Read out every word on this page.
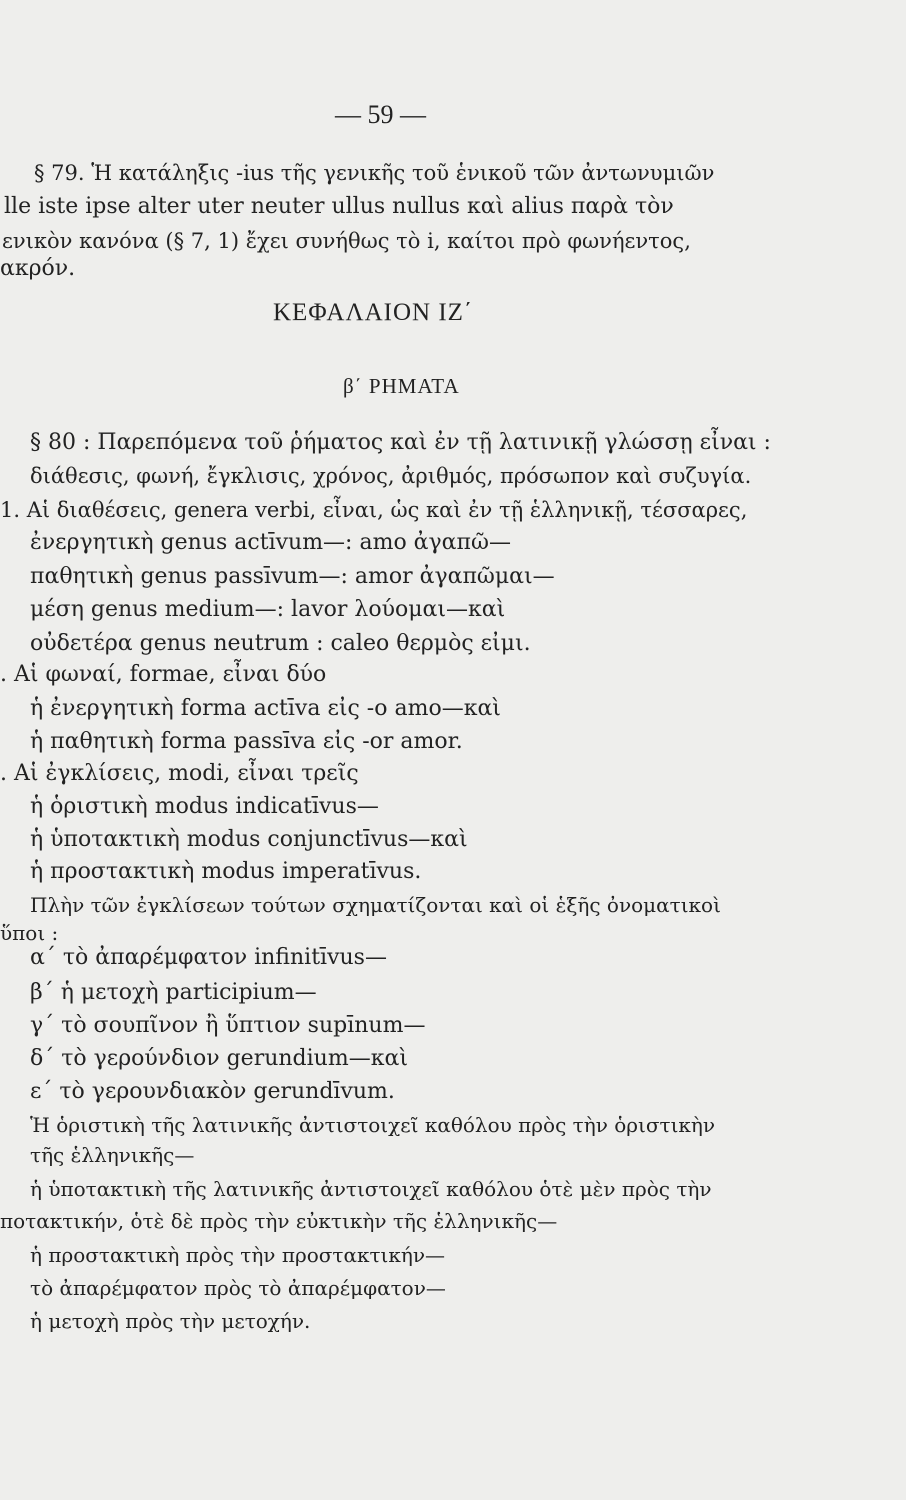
— 59 —
§ 79. Ἡ κατάληξις -ius τῆς γενικῆς τοῦ ἑνικοῦ τῶν ἀντωνυμιῶν
lle iste ipse alter uter neuter ullus nullus καὶ alius παρὰ τὸν
ενικὸν κανόνα (§ 7, 1) ἔχει συνήθως τὸ i, καίτοι πρὸ φωνήεντος,
ακρόν.
ΚΕΦΑΛΑΙΟΝ ΙΖ΄
β΄ ΡΗΜΑΤΑ
§ 80 : Παρεπόμενα τοῦ ῥήματος καὶ ἐν τῇ λατινικῇ γλώσσῃ εἶναι :
διάθεσις, φωνή, ἔγκλισις, χρόνος, ἀριθμός, πρόσωπον καὶ συζυγία.
1. Αἱ διαθέσεις, genera verbi, εἶναι, ὡς καὶ ἐν τῇ ἑλληνικῇ, τέσσαρες,
ἐνεργητικὴ genus actīvum—: amo ἀγαπῶ—
παθητικὴ genus passīvum—: amor ἀγαπῶμαι—
μέση genus medium—: lavor λούομαι—καὶ
οὐδετέρα genus neutrum : caleo θερμὸς εἰμι.
. Αἱ φωναί, formae, εἶναι δύο
ἡ ἐνεργητικὴ forma actīva εἰς -o amo—καὶ
ἡ παθητικὴ forma passīva εἰς -or amor.
. Αἱ ἐγκλίσεις, modi, εἶναι τρεῖς
ἡ ὁριστικὴ modus indicatīvus—
ἡ ὑποτακτικὴ modus conjunctīvus—καὶ
ἡ προστακτικὴ modus imperatīvus.
Πλὴν τῶν ἐγκλίσεων τούτων σχηματίζονται καὶ οἱ ἑξῆς ὀνοματικοὶ
ὕποι :
α΄ τὸ ἀπαρέμφατον infinitīvus—
β΄ ἡ μετοχὴ participium—
γ΄ τὸ σουπῖνον ἢ ὕπτιον supīnum—
δ΄ τὸ γερούνδιον gerundium—καὶ
ε΄ τὸ γερουνδιακὸν gerundīvum.
Ἡ ὁριστικὴ τῆς λατινικῆς ἀντιστοιχεῖ καθόλου πρὸς τὴν ὁριστικὴν
τῆς ἑλληνικῆς—
ἡ ὑποτακτικὴ τῆς λατινικῆς ἀντιστοιχεῖ καθόλου ὁτὲ μὲν πρὸς τὴν
ποτακτικήν, ὁτὲ δὲ πρὸς τὴν εὐκτικὴν τῆς ἑλληνικῆς—
ἡ προστακτικὴ πρὸς τὴν προστακτικήν—
τὸ ἀπαρέμφατον πρὸς τὸ ἀπαρέμφατον—
ἡ μετοχὴ πρὸς τὴν μετοχήν.
